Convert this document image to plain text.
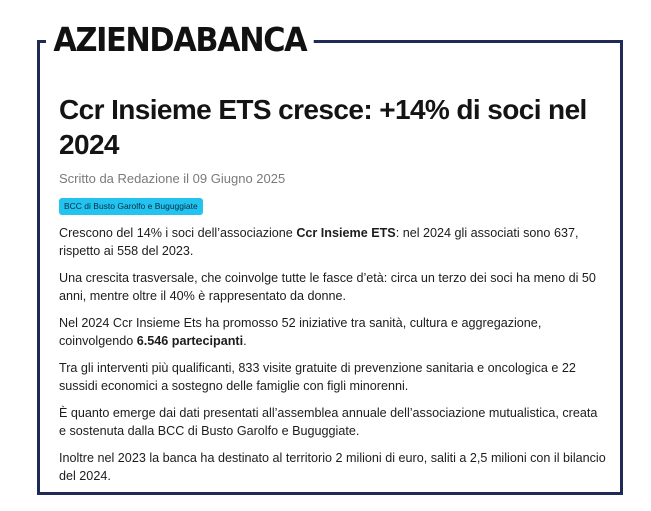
AZIENDABANCA
Ccr Insieme ETS cresce: +14% di soci nel 2024
Scritto da Redazione il 09 Giugno 2025
BCC di Busto Garolfo e Buguggiate

Crescono del 14% i soci dell’associazione Ccr Insieme ETS: nel 2024 gli associati sono 637, rispetto ai 558 del 2023.

Una crescita trasversale, che coinvolge tutte le fasce d’età: circa un terzo dei soci ha meno di 50 anni, mentre oltre il 40% è rappresentato da donne.

Nel 2024 Ccr Insieme Ets ha promosso 52 iniziative tra sanità, cultura e aggregazione, coinvolgendo 6.546 partecipanti.

Tra gli interventi più qualificanti, 833 visite gratuite di prevenzione sanitaria e oncologica e 22 sussidi economici a sostegno delle famiglie con figli minorenni.

È quanto emerge dai dati presentati all’assemblea annuale dell’associazione mutualistica, creata e sostenuta dalla BCC di Busto Garolfo e Buguggiate.

Inoltre nel 2023 la banca ha destinato al territorio 2 milioni di euro, saliti a 2,5 milioni con il bilancio del 2024.
